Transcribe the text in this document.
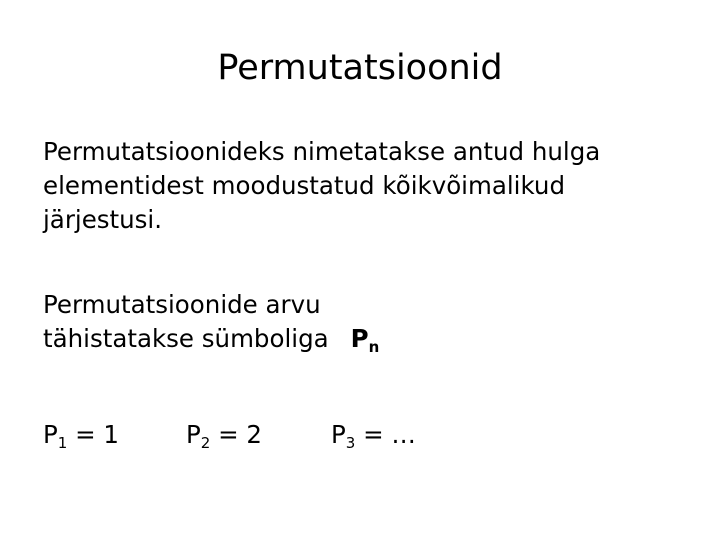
Permutatsioonid

Permutatsioonideks nimetatakse antud hulga
elementidest moodustatud kõikvõimalikud
järjestusi.

Permutatsioonide arvu
tähistatakse sümboliga $P_n$

$P_1 = 1$	$P_2 = 2$	$P_3$ = …
